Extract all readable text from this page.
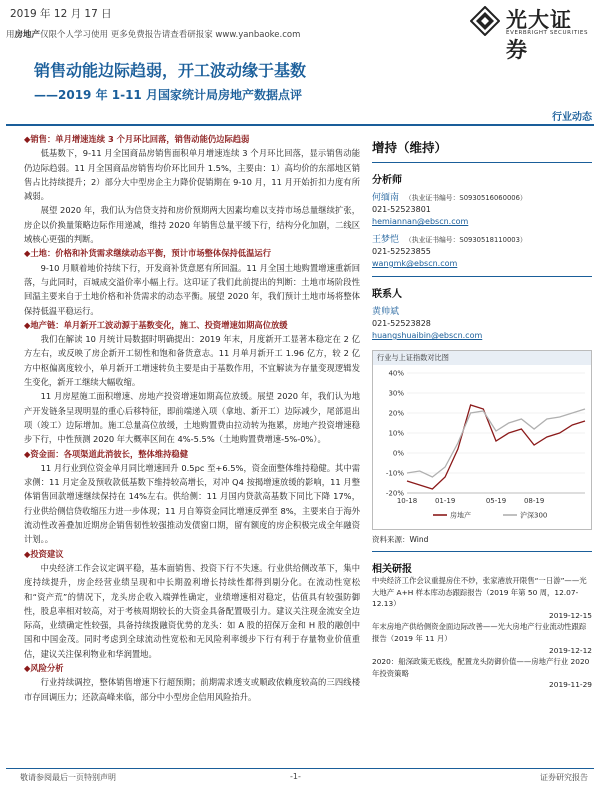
2019 年 12 月 17 日
用房地产仅限个人学习使用 更多免费报告请查看研报家 www.yanbaoke.com
光大证券
EVERBRIGHT SECURITIES
销售动能边际趋弱，开工波动缘于基数
——2019 年 1-11 月国家统计局房地产数据点评
行业动态
◆销售：单月增速连续 3 个月环比回落，销售动能仍边际趋弱

低基数下，9-11 月全国商品房销售面积单月增速连续 3 个月环比回落，显示销售动能仍边际趋弱。11 月全国商品房销售均价环比回升 1.5%，主要由：1）高均价的东部地区销售占比持续提升；2）部分大中型房企主力降价促销期在 9-10 月，11 月开始折扣力度有所减弱。

展望 2020 年，我们认为信贷支持和房价预期两大因素均难以支持市场总量继续扩张，房企以价换量策略边际作用递减，维持 2020 年销售总量平缓下行，结构分化加剧，二线区域核心更强的判断。

◆土地：价格和补货需求继续动态平衡，预计市场整体保持低温运行

9-10 月顺着地价持续下行，开发商补货意愿有所回温。11 月全国土地购置增速重新回落，与此同时，百城成交溢价率小幅上行。这印证了我们此前提出的判断：土地市场阶段性回温主要来自于土地价格和补货需求的动态平衡。展望 2020 年，我们预计土地市场将整体保持低温平稳运行。

◆地产链：单月新开工波动源于基数变化，施工、投资增速如期高位放缓

我们在解读 10 月统计局数据时明确提出：2019 年末，月度新开工显著本稳定在 2 亿方左右，或反映了房企新开工韧性和饱和备货意志。11 月单月新开工 1.96 亿方，较 2 亿方中枢偏离度较小，单月新开工增速转负主要是由于基数作用，不宜解读为存量变现逻辑发生变化，新开工继续大幅收缩。

11 月房屋施工面积增速、房地产投资增速如期高位放缓。展望 2020 年，我们认为地产开发链条呈现明显的重心后移特征，即前端递入项（拿地、新开工）边际减少，尾部退出项（竣工）边际增加。施工总量高位放缓，土地购置费由拉动转为拖累，房地产投资增速稳步下行，中性预测 2020 年大概率区间在 4%-5.5%（土地购置费增速-5%-0%）。

◆资金面：各项渠道此消彼长，整体维持稳健

11 月行业到位资金单月同比增速回升 0.5pc 至+6.5%，资金面整体维持稳健。其中需求侧：11 月定金及预收款低基数下维持较高增长，对冲 Q4 按揭增速放缓的影响，11 月整体销售回款增速继续保持在 14%左右。供给侧：11 月国内贷款高基数下同比下降 17%，行业供给侧信贷收缩压力进一步体现；11 月自筹资金同比增速反弹至 8%，主要来自于海外流动性改善叠加近期房企销售韧性较强推动发债窗口期，留有额度的房企积极完成全年融资计划。。

◆投资建议

中央经济工作会议定调平稳，基本面销售、投资下行不失速。行业供给侧改革下，集中度持续提升，房企经营业绩呈现和中长期盈利增长持续性都得到剔分化。在流动性宽松和“资产荒”的情况下，龙头房企收入端弹性确定，业绩增速相对稳定，估值具有较强防御性，股息率相对较高，对于考核周期较长的大资金具备配置吸引力。建议关注现金流安全边际高，业绩确定性较强，具备持续拨融资优势的龙头：如 A 股的招保万金和 H 股的融创中国和中国金茂。同时考虑到全球流动性宽松和无风险利率缓步下行有利于存量物业价值重估，建议关注保利物业和华润置地。

◆风险分析

行业持续调控，整体销售增速下行超预期；前期需求透支或顺政依赖度较高的三四线楼市存回调压力；还款高峰来临，部分中小型房企信用风险抬升。

增持（维持）
分析师
何缅南 （执业证书编号：S0930516060006）
021-52523801
hemiannan@ebscn.com
王梦恺 （执业证书编号：S0930518110003）
021-52523855
wangmk@ebscn.com
联系人
黄帅斌
021-52523828
huangshuaibin@ebscn.com
行业与上证指数对比图
40%
30%
20%
10%
0%
-10%
-20%
10-18	01-19	05-19	08-19
房地产	沪深300
资料来源：Wind
相关研报
中央经济工作会议重提房住不炒，张家港放开限售“一日游”——光大地产 A+H 样本库动态跟踪报告（2019 年第 50 周，12.07-12.13）
2019-12-15
年末房地产供给侧资金面边际改善——光大房地产行业流动性跟踪报告（2019 年 11 月）
2019-12-12
2020：船深政策无底线，配置龙头防御价值——房地产行业 2020 年投资策略
2019-11-29
敬请参阅最后一页特别声明	-1-	证券研究报告
